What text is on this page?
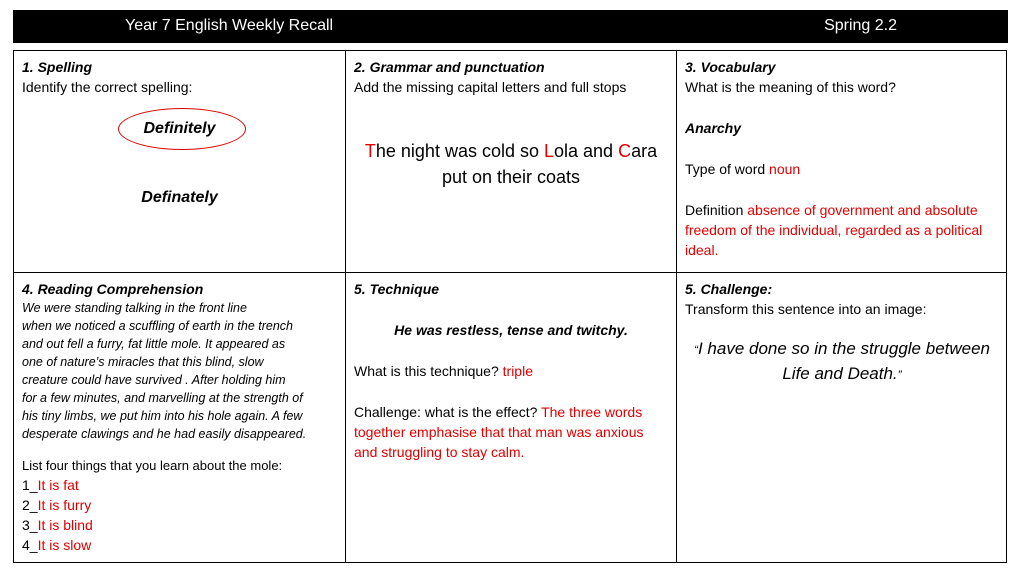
Year 7 English Weekly Recall	Spring 2.2
1. Spelling
Identify the correct spelling:
Definitely
Definately
2. Grammar and punctuation
Add the missing capital letters and full stops
The night was cold so Lola and Cara
put on their coats
3. Vocabulary
What is the meaning of this word?
Anarchy
Type of word noun
Definition absence of government and absolute freedom of the individual, regarded as a political ideal.
4. Reading Comprehension
We were standing talking in the front line
when we noticed a scuffling of earth in the trench
and out fell a furry, fat little mole. It appeared as
one of nature’s miracles that this blind, slow
creature could have survived . After holding him
for a few minutes, and marvelling at the strength of
his tiny limbs, we put him into his hole again. A few
desperate clawings and he had easily disappeared.
List four things that you learn about the mole:
1_It is fat
2_It is furry
3_It is blind
4_It is slow
5. Technique
He was restless, tense and twitchy.
What is this technique? triple
Challenge: what is the effect? The three words together emphasise that that man was anxious and struggling to stay calm.
5. Challenge:
Transform this sentence into an image:
“I have done so in the struggle between Life and Death.”
